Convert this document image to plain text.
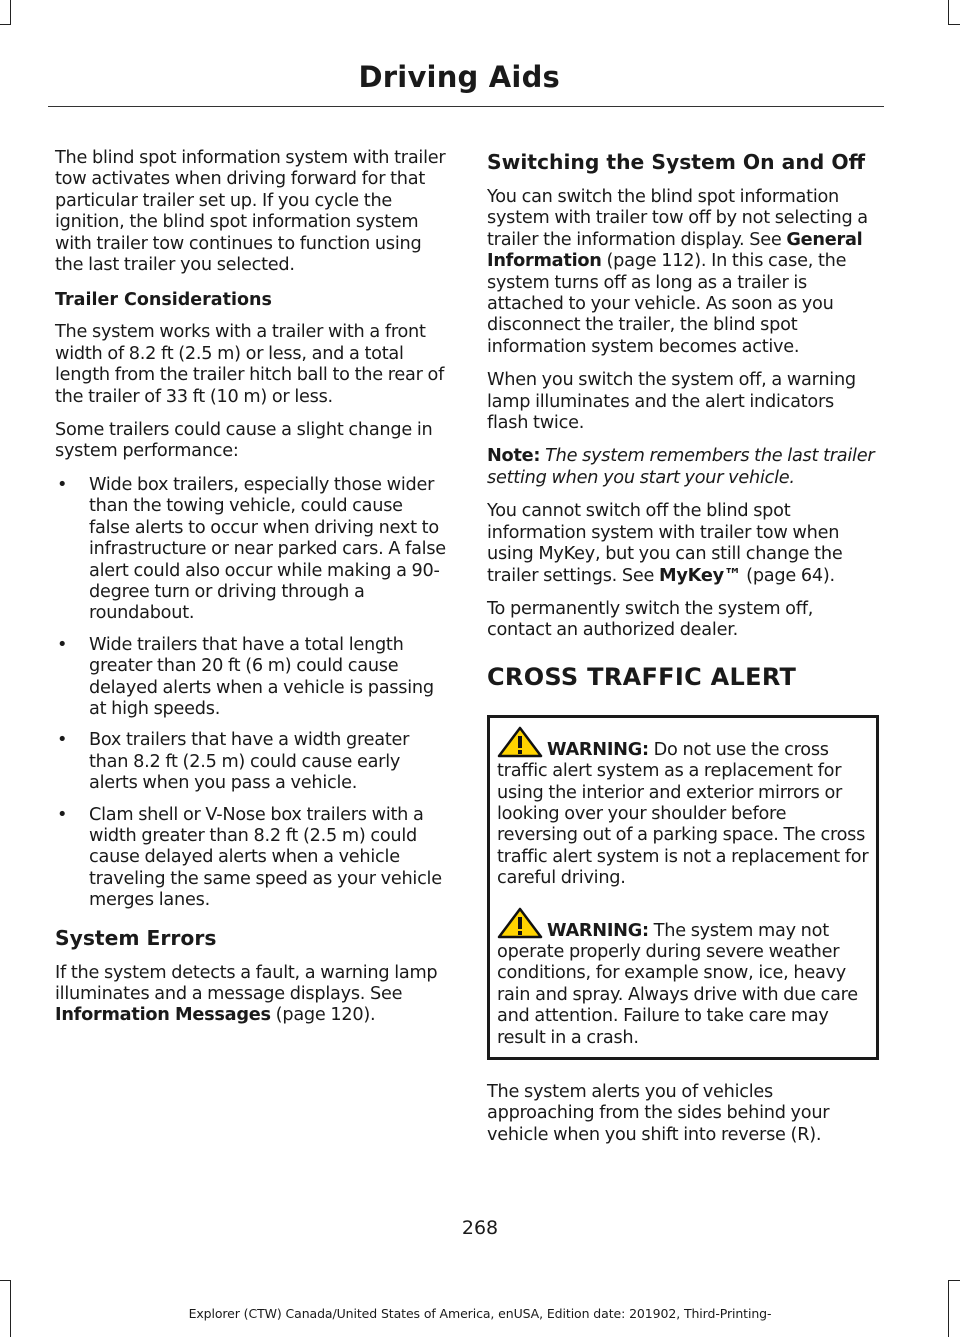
Driving Aids

The blind spot information system with trailer tow activates when driving forward for that particular trailer set up. If you cycle the ignition, the blind spot information system with trailer tow continues to function using the last trailer you selected.

Trailer Considerations

The system works with a trailer with a front width of 8.2 ft (2.5 m) or less, and a total length from the trailer hitch ball to the rear of the trailer of 33 ft (10 m) or less.

Some trailers could cause a slight change in system performance:

• Wide box trailers, especially those wider than the towing vehicle, could cause false alerts to occur when driving next to infrastructure or near parked cars. A false alert could also occur while making a 90-degree turn or driving through a roundabout.
• Wide trailers that have a total length greater than 20 ft (6 m) could cause delayed alerts when a vehicle is passing at high speeds.
• Box trailers that have a width greater than 8.2 ft (2.5 m) could cause early alerts when you pass a vehicle.
• Clam shell or V-Nose box trailers with a width greater than 8.2 ft (2.5 m) could cause delayed alerts when a vehicle traveling the same speed as your vehicle merges lanes.
System Errors

If the system detects a fault, a warning lamp illuminates and a message displays. See Information Messages (page 120).

Switching the System On and Off

You can switch the blind spot information system with trailer tow off by not selecting a trailer the information display. See General Information (page 112). In this case, the system turns off as long as a trailer is attached to your vehicle. As soon as you disconnect the trailer, the blind spot information system becomes active.

When you switch the system off, a warning lamp illuminates and the alert indicators flash twice.

Note: The system remembers the last trailer setting when you start your vehicle.

You cannot switch off the blind spot information system with trailer tow when using MyKey, but you can still change the trailer settings. See MyKey™ (page 64).

To permanently switch the system off, contact an authorized dealer.

CROSS TRAFFIC ALERT

WARNING: Do not use the cross traffic alert system as a replacement for using the interior and exterior mirrors or looking over your shoulder before reversing out of a parking space. The cross traffic alert system is not a replacement for careful driving.

WARNING: The system may not operate properly during severe weather conditions, for example snow, ice, heavy rain and spray. Always drive with due care and attention. Failure to take care may result in a crash.

The system alerts you of vehicles approaching from the sides behind your vehicle when you shift into reverse (R).

268
Explorer (CTW) Canada/United States of America, enUSA, Edition date: 201902, Third-Printing-
